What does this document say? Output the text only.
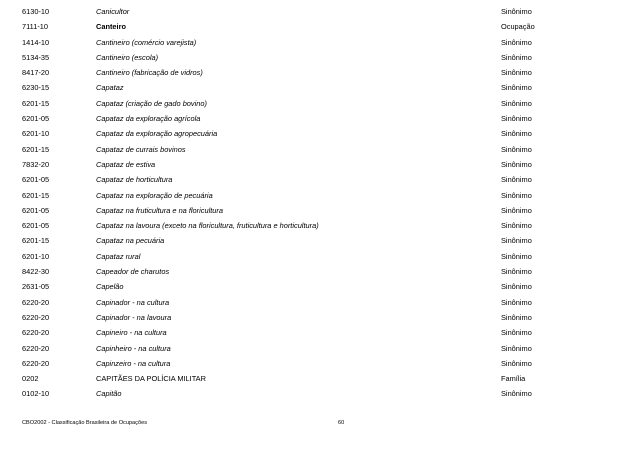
6130-10	Canicultor	Sinônimo
7111-10	Canteiro	Ocupação
1414-10	Cantineiro (comércio varejista)	Sinônimo
5134-35	Cantineiro (escola)	Sinônimo
8417-20	Cantineiro (fabricação de vidros)	Sinônimo
6230-15	Capataz	Sinônimo
6201-15	Capataz (criação de gado bovino)	Sinônimo
6201-05	Capataz da exploração agrícola	Sinônimo
6201-10	Capataz da exploração agropecuária	Sinônimo
6201-15	Capataz de currais bovinos	Sinônimo
7832-20	Capataz de estiva	Sinônimo
6201-05	Capataz de horticultura	Sinônimo
6201-15	Capataz na exploração de pecuária	Sinônimo
6201-05	Capataz na fruticultura e na floricultura	Sinônimo
6201-05	Capataz na lavoura (exceto na floricultura, fruticultura e horticultura)	Sinônimo
6201-15	Capataz na pecuária	Sinônimo
6201-10	Capataz rural	Sinônimo
8422-30	Capeador de charutos	Sinônimo
2631-05	Capelão	Sinônimo
6220-20	Capinador - na cultura	Sinônimo
6220-20	Capinador - na lavoura	Sinônimo
6220-20	Capineiro - na cultura	Sinônimo
6220-20	Capinheiro - na cultura	Sinônimo
6220-20	Capinzeiro - na cultura	Sinônimo
0202	CAPITÃES DA POLÍCIA MILITAR	Família
0102-10	Capitão	Sinônimo
CBO2002 - Classificação Brasileira de Ocupações	60
